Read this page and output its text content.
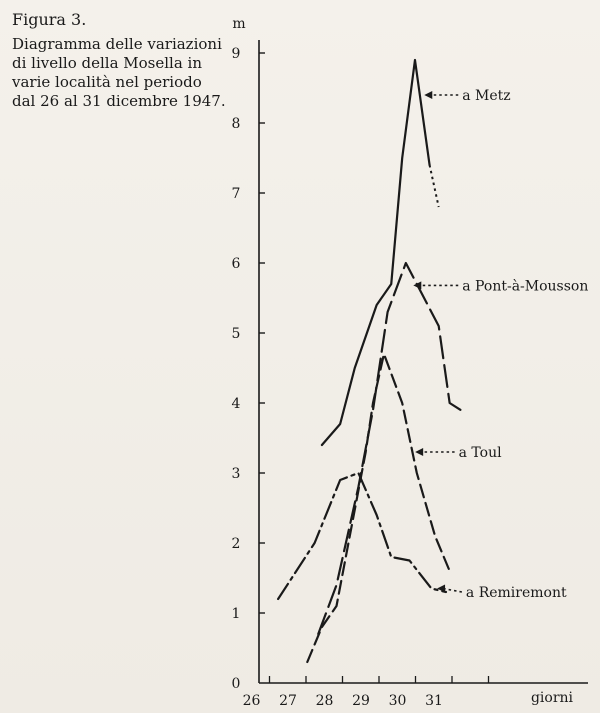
Figura 3.
Diagramma delle variazioni di livello della Mosella in varie località nel periodo dal 26 al 31 dicembre 1947.
0
1
2
3
4
5
6
7
8
9
m
26 27 28 29 30 31	giorni
a Metz
a Pont-à-Mousson
a Toul
a Remiremont
